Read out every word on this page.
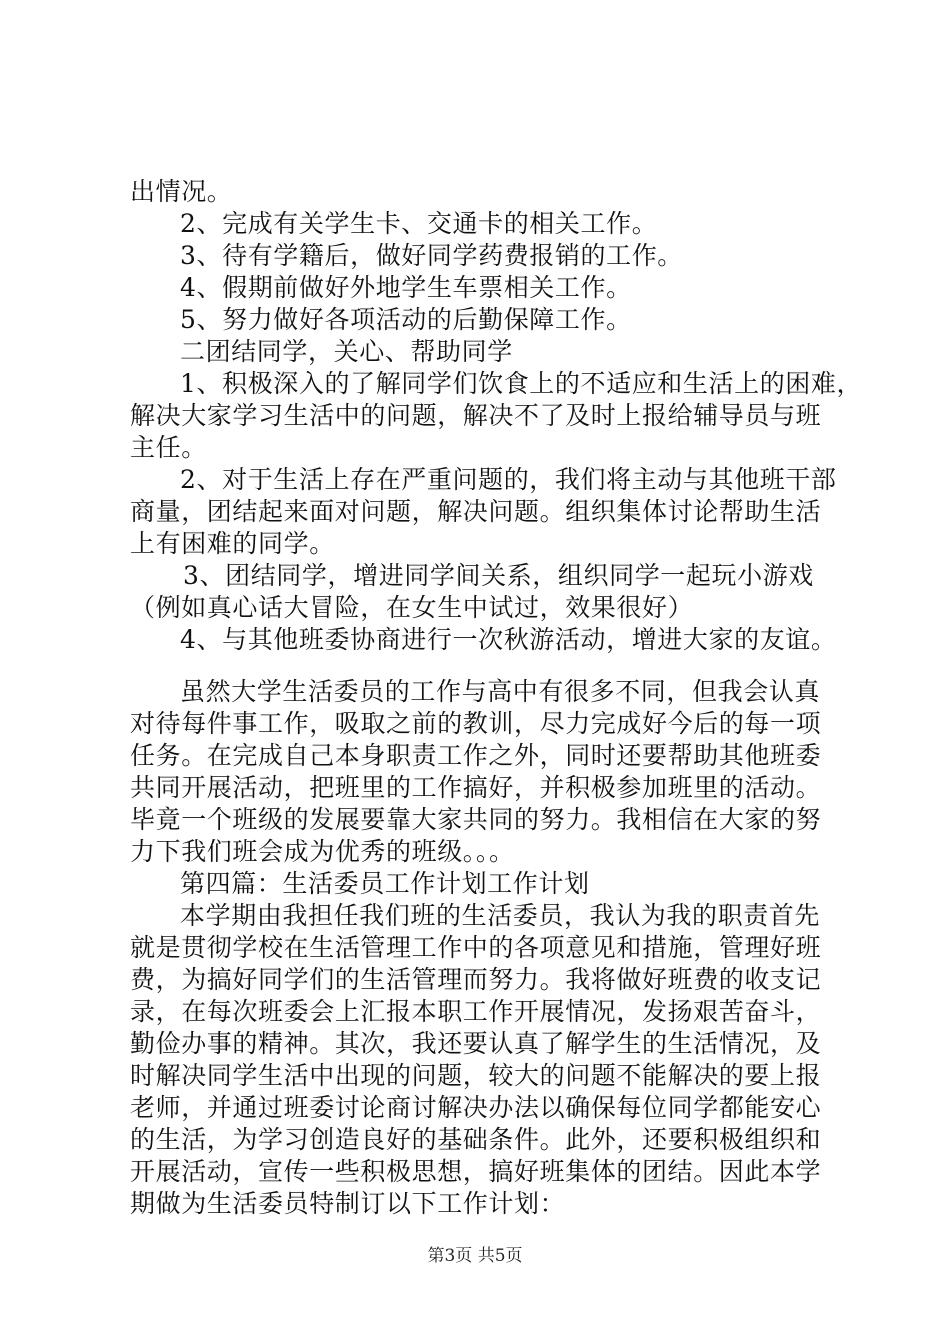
出情况。
2、完成有关学生卡、交通卡的相关工作。
3、待有学籍后，做好同学药费报销的工作。
4、假期前做好外地学生车票相关工作。
5、努力做好各项活动的后勤保障工作。
二团结同学，关心、帮助同学
1、积极深入的了解同学们饮食上的不适应和生活上的困难，
解决大家学习生活中的问题，解决不了及时上报给辅导员与班
主任。
2、对于生活上存在严重问题的，我们将主动与其他班干部
商量，团结起来面对问题，解决问题。组织集体讨论帮助生活
上有困难的同学。
3、团结同学，增进同学间关系，组织同学一起玩小游戏
（例如真心话大冒险，在女生中试过，效果很好）
4、与其他班委协商进行一次秋游活动，增进大家的友谊。
虽然大学生活委员的工作与高中有很多不同，但我会认真
对待每件事工作，吸取之前的教训，尽力完成好今后的每一项
任务。在完成自己本身职责工作之外，同时还要帮助其他班委
共同开展活动，把班里的工作搞好，并积极参加班里的活动。
毕竟一个班级的发展要靠大家共同的努力。我相信在大家的努
力下我们班会成为优秀的班级。。。
第四篇：生活委员工作计划工作计划
本学期由我担任我们班的生活委员，我认为我的职责首先
就是贯彻学校在生活管理工作中的各项意见和措施，管理好班
费，为搞好同学们的生活管理而努力。我将做好班费的收支记
录，在每次班委会上汇报本职工作开展情况，发扬艰苦奋斗，
勤俭办事的精神。其次，我还要认真了解学生的生活情况，及
时解决同学生活中出现的问题，较大的问题不能解决的要上报
老师，并通过班委讨论商讨解决办法以确保每位同学都能安心
的生活，为学习创造良好的基础条件。此外，还要积极组织和
开展活动，宣传一些积极思想，搞好班集体的团结。因此本学
期做为生活委员特制订以下工作计划：
第3页 共5页
